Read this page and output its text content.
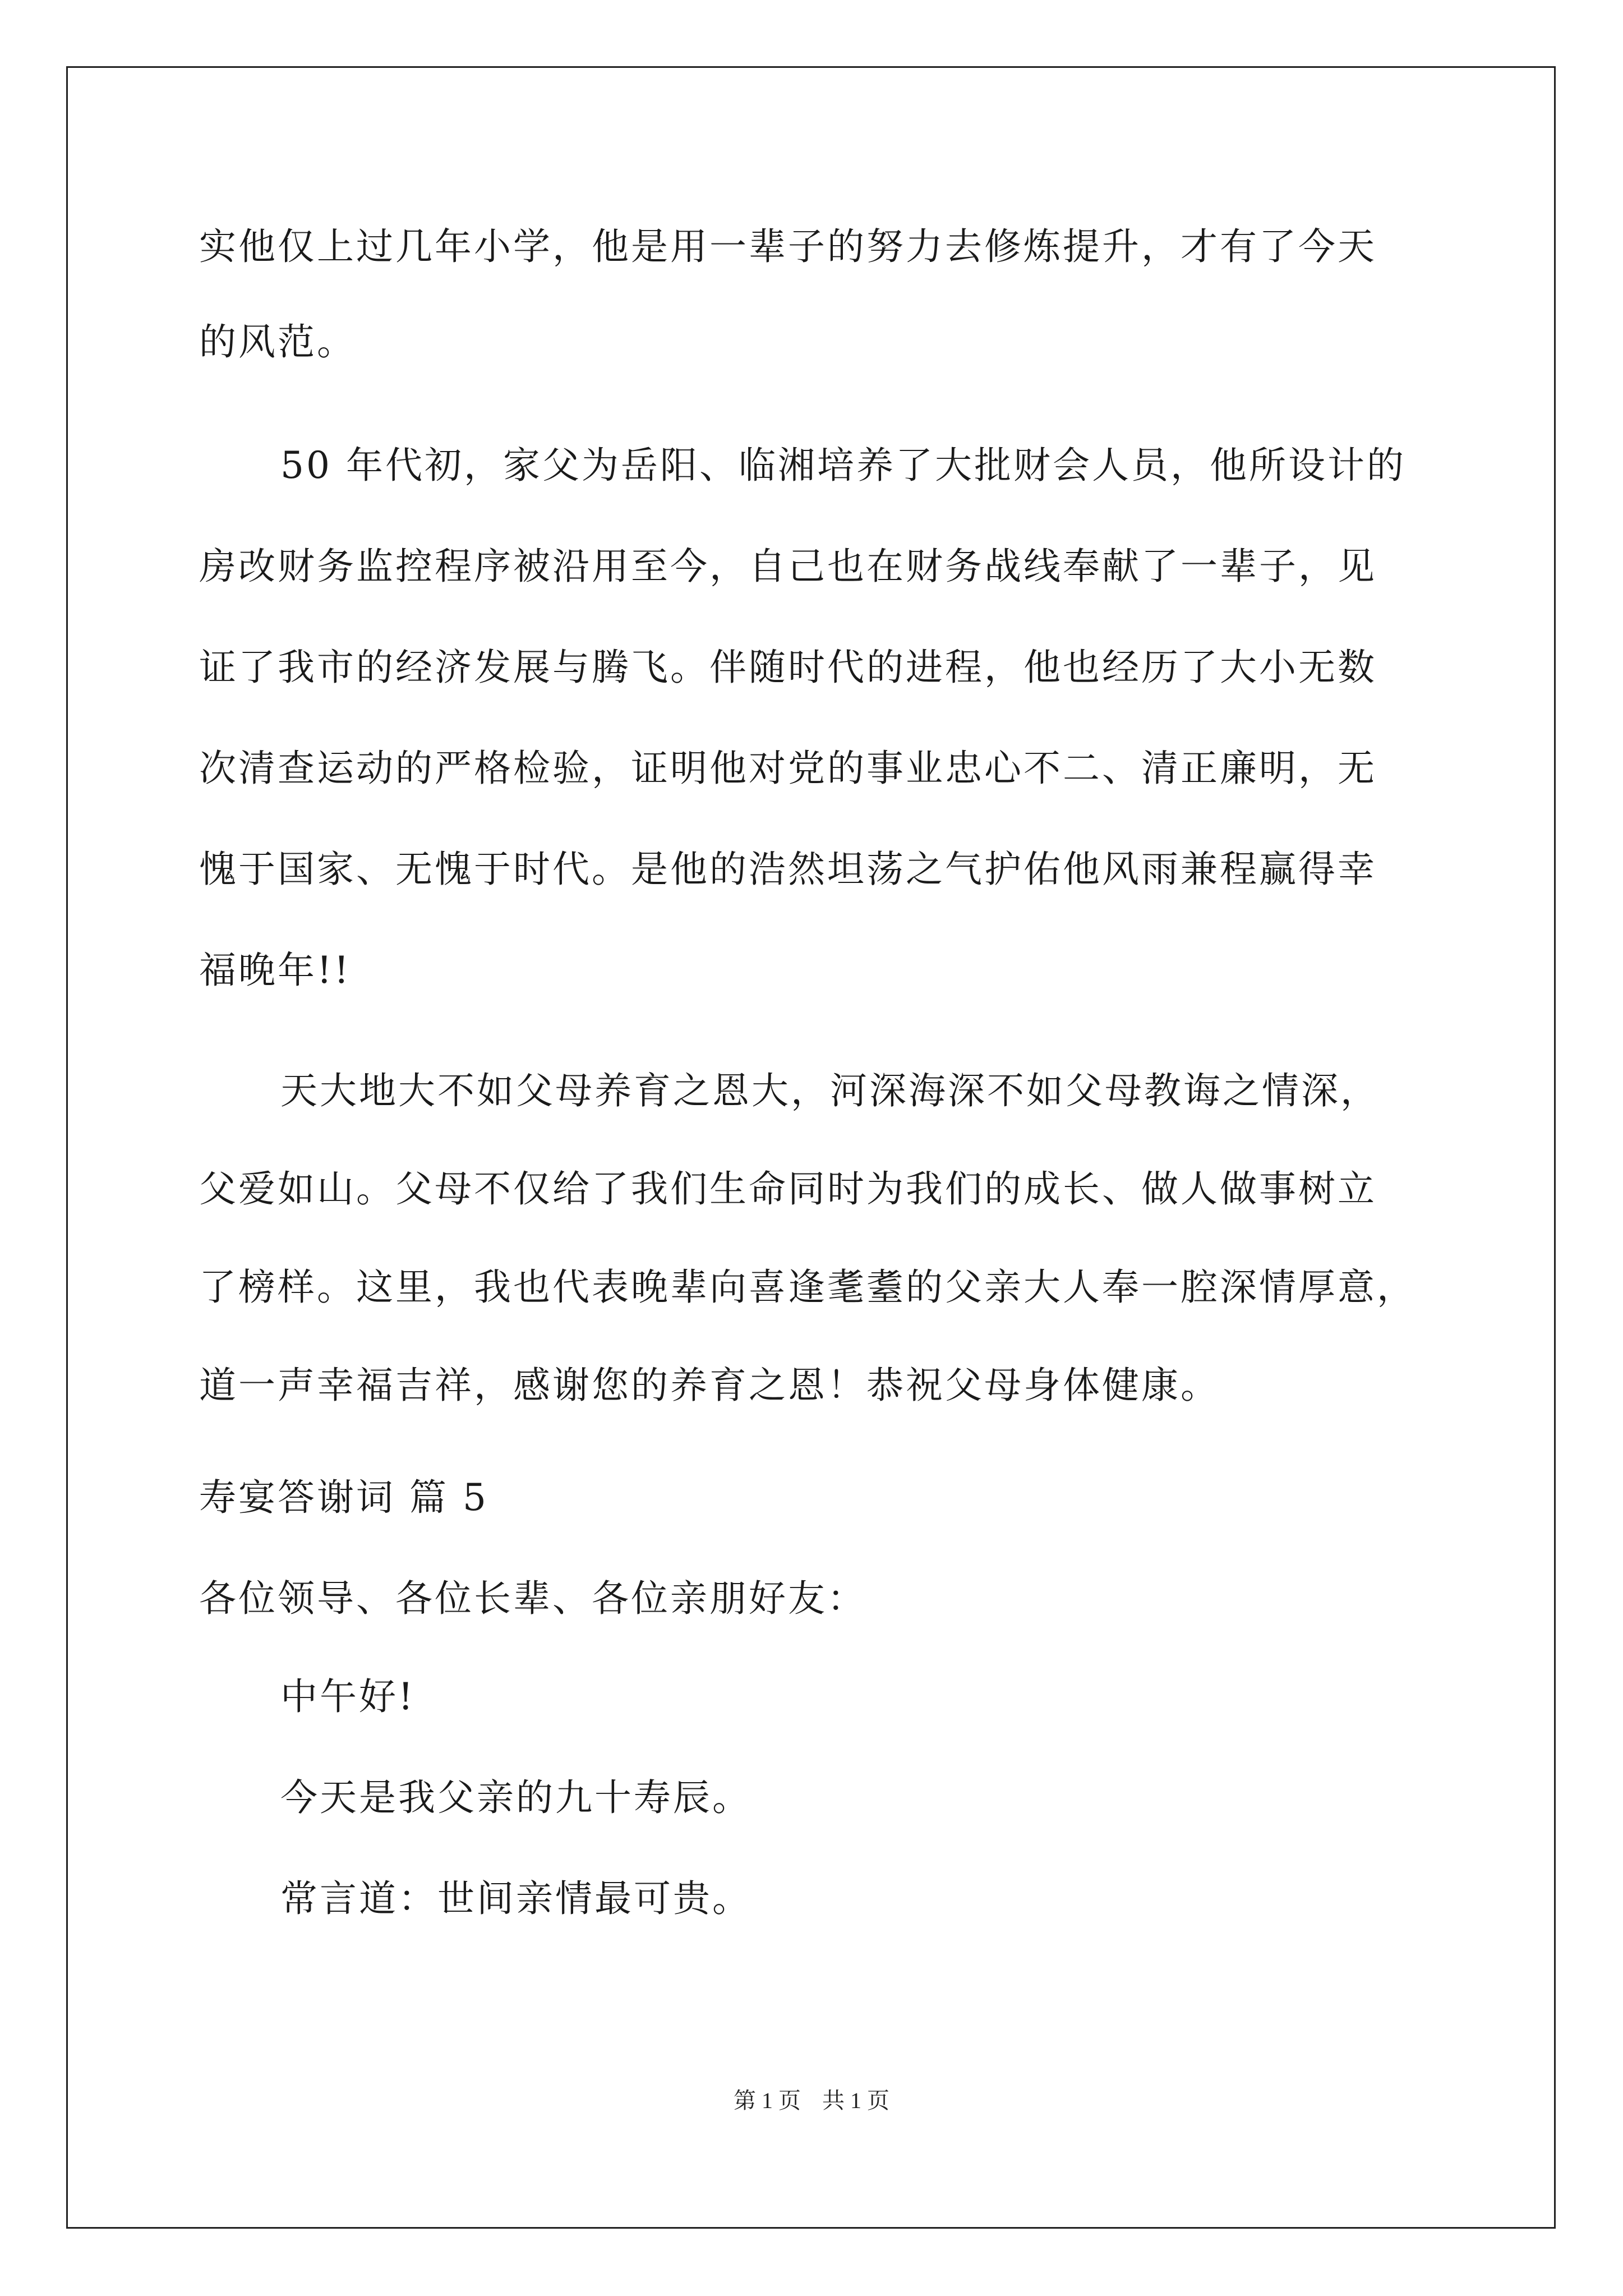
实他仅上过几年小学，他是用一辈子的努力去修炼提升，才有了今天
的风范。
50 年代初，家父为岳阳、临湘培养了大批财会人员，他所设计的
房改财务监控程序被沿用至今，自己也在财务战线奉献了一辈子，见
证了我市的经济发展与腾飞。伴随时代的进程，他也经历了大小无数
次清查运动的严格检验，证明他对党的事业忠心不二、清正廉明，无
愧于国家、无愧于时代。是他的浩然坦荡之气护佑他风雨兼程赢得幸
福晚年!!
天大地大不如父母养育之恩大，河深海深不如父母教诲之情深，
父爱如山。父母不仅给了我们生命同时为我们的成长、做人做事树立
了榜样。这里，我也代表晚辈向喜逢耄耋的父亲大人奉一腔深情厚意，
道一声幸福吉祥，感谢您的养育之恩！恭祝父母身体健康。
寿宴答谢词 篇 5
各位领导、各位长辈、各位亲朋好友：
中午好!
今天是我父亲的九十寿辰。
常言道：世间亲情最可贵。
第 1 页 共 1 页
